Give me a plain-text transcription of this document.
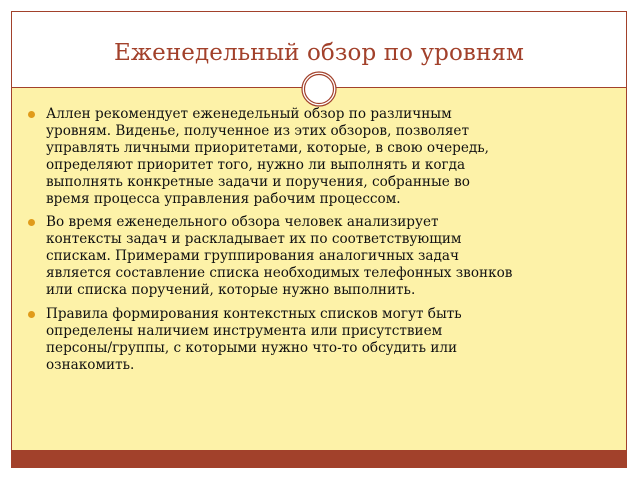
Еженедельный обзор по уровням
Аллен рекомендует еженедельный обзор по различным
уровням. Виденье, полученное из этих обзоров, позволяет
управлять личными приоритетами, которые, в свою очередь,
определяют приоритет того, нужно ли выполнять и когда
выполнять конкретные задачи и поручения, собранные во
время процесса управления рабочим процессом.
Во время еженедельного обзора человек анализирует
контексты задач и раскладывает их по соответствующим
спискам. Примерами группирования аналогичных задач
является составление списка необходимых телефонных звонков
или списка поручений, которые нужно выполнить.
Правила формирования контекстных списков могут быть
определены наличием инструмента или присутствием
персоны/группы, с которыми нужно что-то обсудить или
ознакомить.
